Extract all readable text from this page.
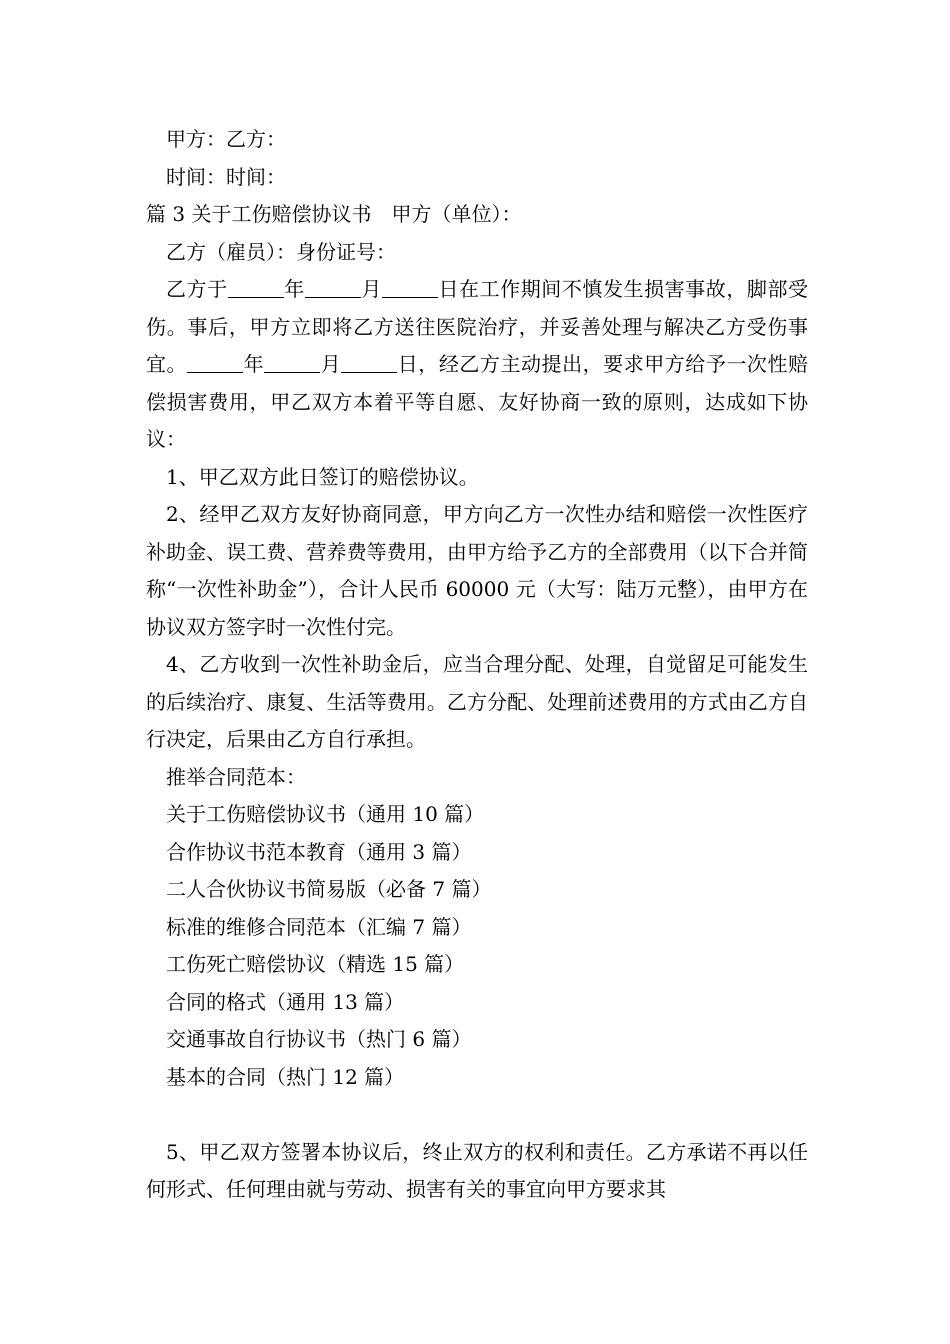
甲方：乙方：
时间：时间：
篇 3 关于工伤赔偿协议书　甲方（单位）：
乙方（雇员）：身份证号：
乙方于	年	月	日在工作期间不慎发生损害事故，脚部受伤。事后，甲方立即将乙方送往医院治疗，并妥善处理与解决乙方受伤事宜。	年	月	日，经乙方主动提出，要求甲方给予一次性赔偿损害费用，甲乙双方本着平等自愿、友好协商一致的原则，达成如下协议：
1、甲乙双方此日签订的赔偿协议。
2、经甲乙双方友好协商同意，甲方向乙方一次性办结和赔偿一次性医疗补助金、误工费、营养费等费用，由甲方给予乙方的全部费用（以下合并简称“一次性补助金”），合计人民币 60000 元（大写：陆万元整），由甲方在协议双方签字时一次性付完。
4、乙方收到一次性补助金后，应当合理分配、处理，自觉留足可能发生的后续治疗、康复、生活等费用。乙方分配、处理前述费用的方式由乙方自行决定，后果由乙方自行承担。
推举合同范本：
关于工伤赔偿协议书（通用 10 篇）
合作协议书范本教育（通用 3 篇）
二人合伙协议书简易版（必备 7 篇）
标准的维修合同范本（汇编 7 篇）
工伤死亡赔偿协议（精选 15 篇）
合同的格式（通用 13 篇）
交通事故自行协议书（热门 6 篇）
基本的合同（热门 12 篇）
5、甲乙双方签署本协议后，终止双方的权利和责任。乙方承诺不再以任何形式、任何理由就与劳动、损害有关的事宜向甲方要求其
